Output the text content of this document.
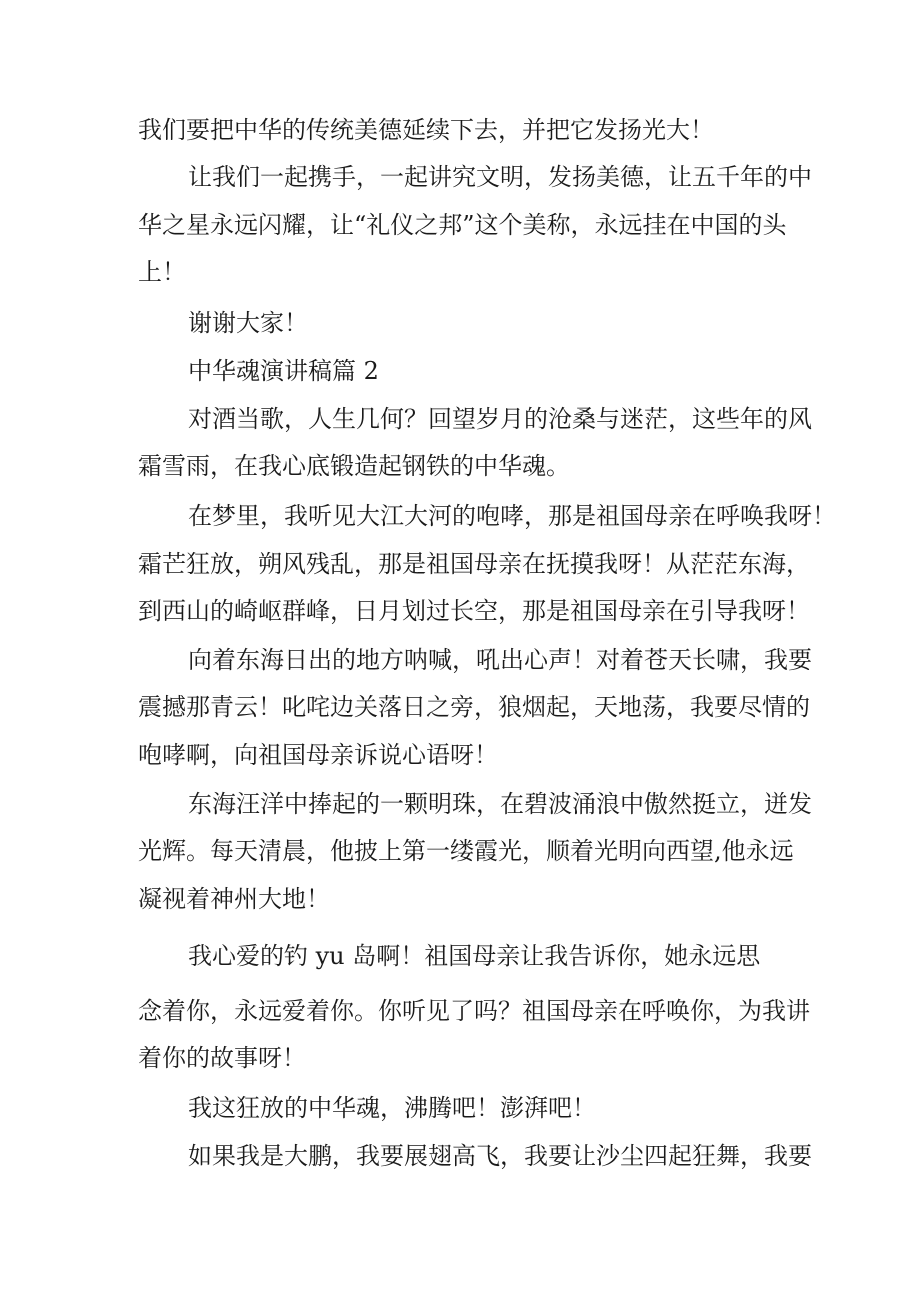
我们要把中华的传统美德延续下去，并把它发扬光大！
让我们一起携手，一起讲究文明，发扬美德，让五千年的中
华之星永远闪耀，让“礼仪之邦”这个美称，永远挂在中国的头
上！
谢谢大家！
中华魂演讲稿篇 2
对酒当歌，人生几何？回望岁月的沧桑与迷茫，这些年的风
霜雪雨，在我心底锻造起钢铁的中华魂。
在梦里，我听见大江大河的咆哮，那是祖国母亲在呼唤我呀！
霜芒狂放，朔风残乱，那是祖国母亲在抚摸我呀！从茫茫东海，
到西山的崎岖群峰，日月划过长空，那是祖国母亲在引导我呀！
向着东海日出的地方呐喊，吼出心声！对着苍天长啸，我要
震撼那青云！叱咤边关落日之旁，狼烟起，天地荡，我要尽情的
咆哮啊，向祖国母亲诉说心语呀！
东海汪洋中捧起的一颗明珠，在碧波涌浪中傲然挺立，迸发
光辉。每天清晨，他披上第一缕霞光，顺着光明向西望,他永远
凝视着神州大地！
我心爱的钓 yu 岛啊！祖国母亲让我告诉你，她永远思
念着你，永远爱着你。你听见了吗？祖国母亲在呼唤你，为我讲
着你的故事呀！
我这狂放的中华魂，沸腾吧！澎湃吧！
如果我是大鹏，我要展翅高飞，我要让沙尘四起狂舞，我要
